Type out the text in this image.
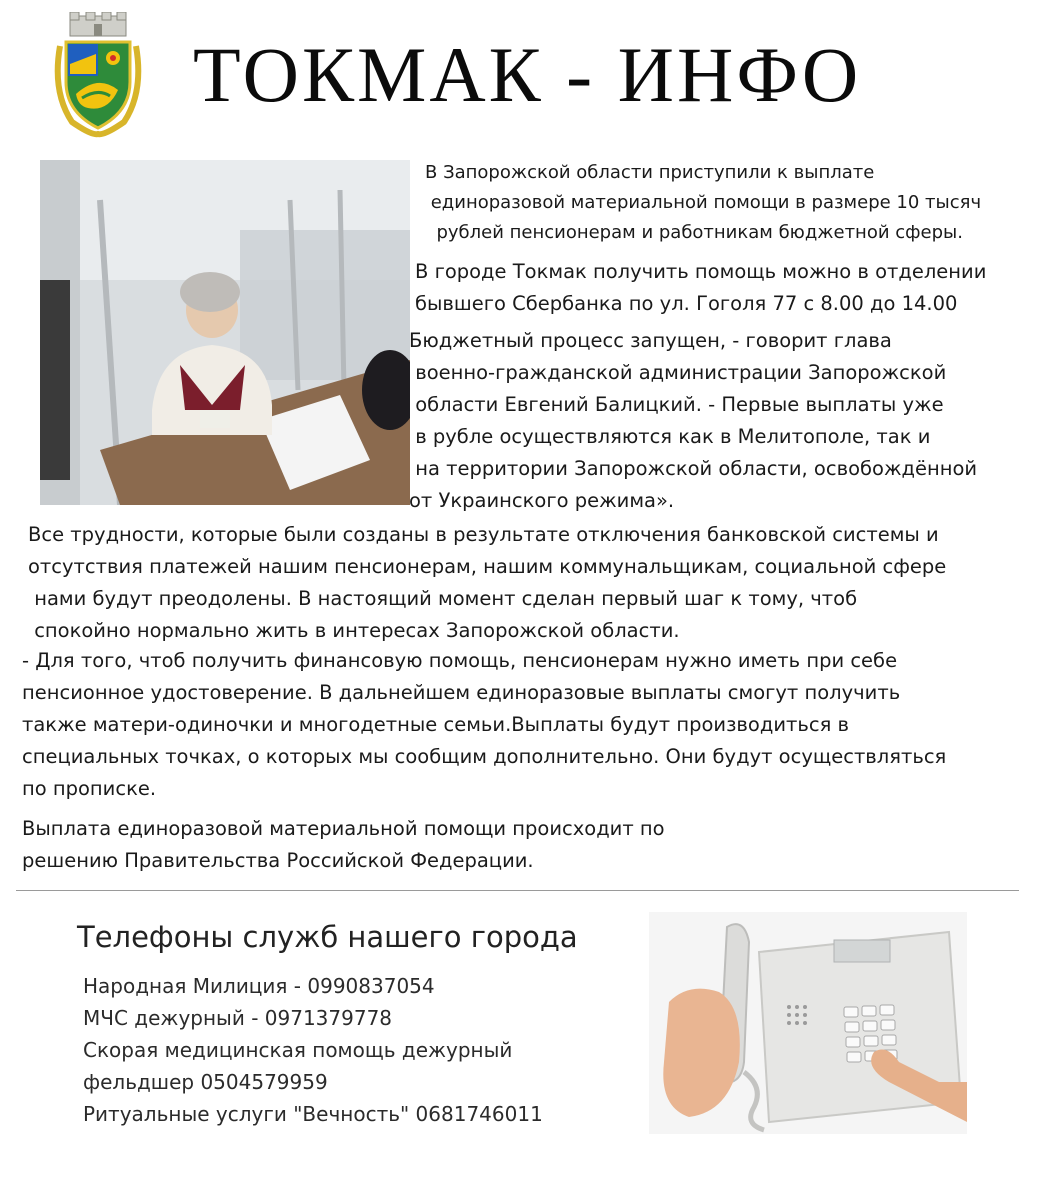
ТОКМАК - ИНФО

В Запорожской области приступили к выплате
единоразовой материальной помощи в размере 10 тысяч
рублей пенсионерам и работникам бюджетной сферы.

В городе Токмак получить помощь можно в отделении
бывшего Сбербанка по ул. Гоголя 77 с 8.00 до 14.00

Бюджетный процесс запущен, - говорит глава
военно-гражданской администрации Запорожской
области Евгений Балицкий. - Первые выплаты уже
в рубле осуществляются как в Мелитополе, так и
на территории Запорожской области, освобождённой
от Украинского режима».

Все трудности, которые были созданы в результате отключения банковской системы и
отсутствия платежей нашим пенсионерам, нашим коммунальщикам, социальной сфере
нами будут преодолены. В настоящий момент сделан первый шаг к тому, чтоб
спокойно нормально жить в интересах Запорожской области.

- Для того, чтоб получить финансовую помощь, пенсионерам нужно иметь при себе
пенсионное удостоверение. В дальнейшем единоразовые выплаты смогут получить
также матери-одиночки и многодетные семьи.Выплаты будут производиться в
специальных точках, о которых мы сообщим дополнительно. Они будут осуществляться
по прописке.

Выплата единоразовой материальной помощи происходит по
решению Правительства Российской Федерации.

Телефоны служб нашего города

Народная Милиция - 0990837054
МЧС дежурный - 0971379778
Скорая медицинская помощь дежурный
фельдшер 0504579959
Ритуальные услуги "Вечность" 0681746011
